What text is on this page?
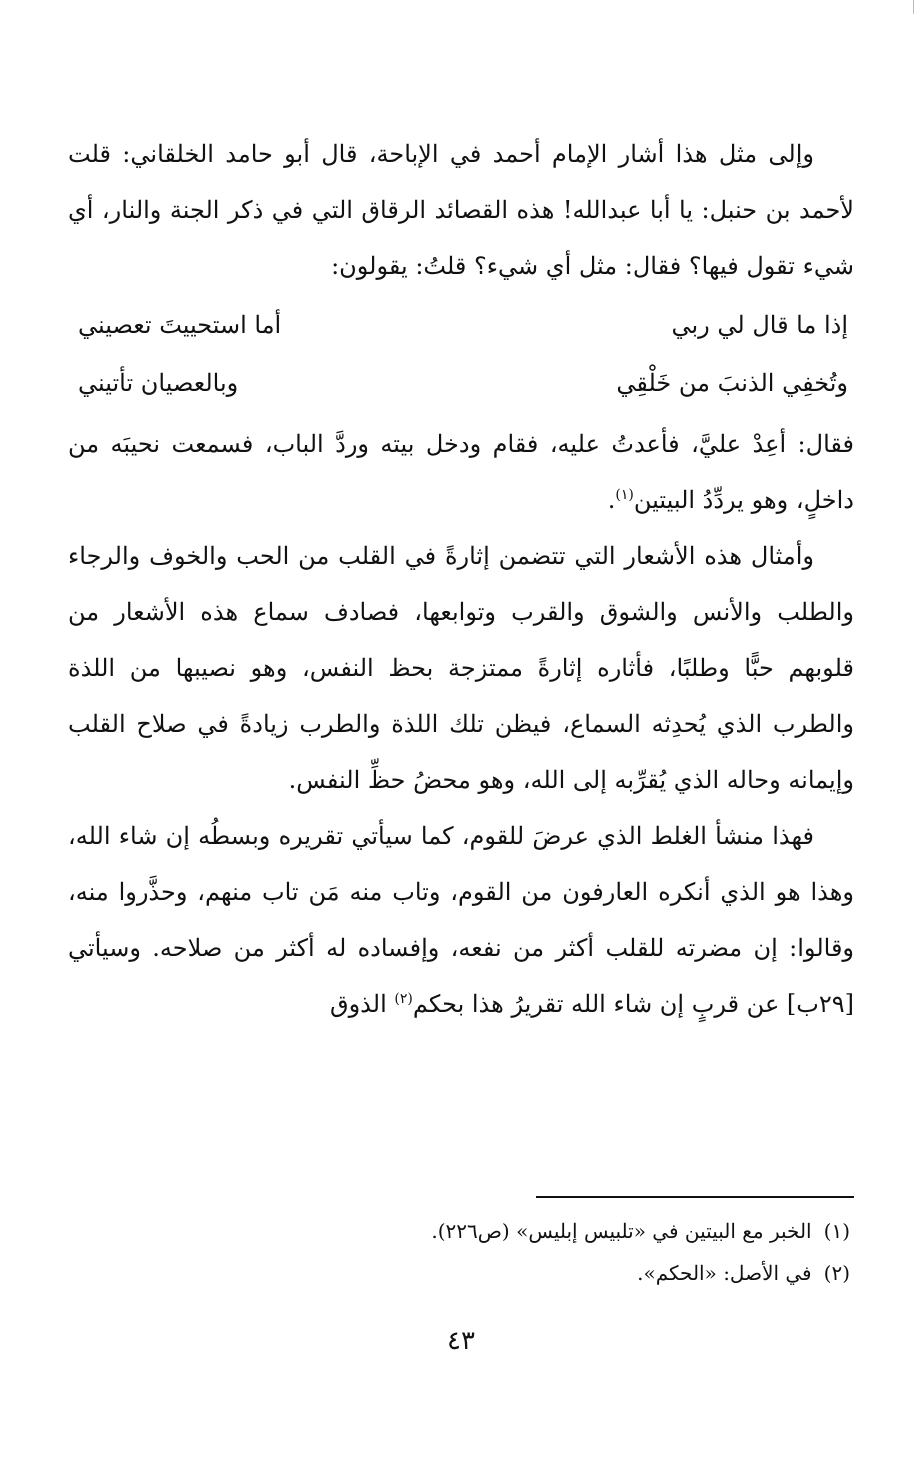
وإلى مثل هذا أشار الإمام أحمد في الإباحة، قال أبو حامد الخلقاني: قلت لأحمد بن حنبل: يا أبا عبدالله! هذه القصائد الرقاق التي في ذكر الجنة والنار، أي شيء تقول فيها؟ فقال: مثل أي شيء؟ قلتُ: يقولون:

إذا ما قال لي ربي
أما استحييتَ تعصيني
وتُخفِي الذنبَ من خَلْقِي
وبالعصيان تأتيني

فقال: أعِدْ عليَّ، فأعدتُ عليه، فقام ودخل بيته وردَّ الباب، فسمعت نحيبَه من داخلٍ، وهو يردِّدُ البيتين$^{(١)}$.

وأمثال هذه الأشعار التي تتضمن إثارةً في القلب من الحب والخوف والرجاء والطلب والأنس والشوق والقرب وتوابعها، فصادف سماع هذه الأشعار من قلوبهم حبًّا وطلبًا، فأثاره إثارةً ممتزجة بحظ النفس، وهو نصيبها من اللذة والطرب الذي يُحدِثه السماع، فيظن تلك اللذة والطرب زيادةً في صلاح القلب وإيمانه وحاله الذي يُقرِّبه إلى الله، وهو محضُ حظِّ النفس.

فهذا منشأ الغلط الذي عرضَ للقوم، كما سيأتي تقريره وبسطُه إن شاء الله، وهذا هو الذي أنكره العارفون من القوم، وتاب منه مَن تاب منهم، وحذَّروا منه، وقالوا: إن مضرته للقلب أكثر من نفعه، وإفساده له أكثر من صلاحه. وسيأتي [٢٩ب] عن قربٍ إن شاء الله تقريرُ هذا بحكم$^{(٢)}$ الذوق

(١)الخبر مع البيتين في «تلبيس إبليس» (ص٢٢٦).

(٢)في الأصل: «الحكم».

٤٣
